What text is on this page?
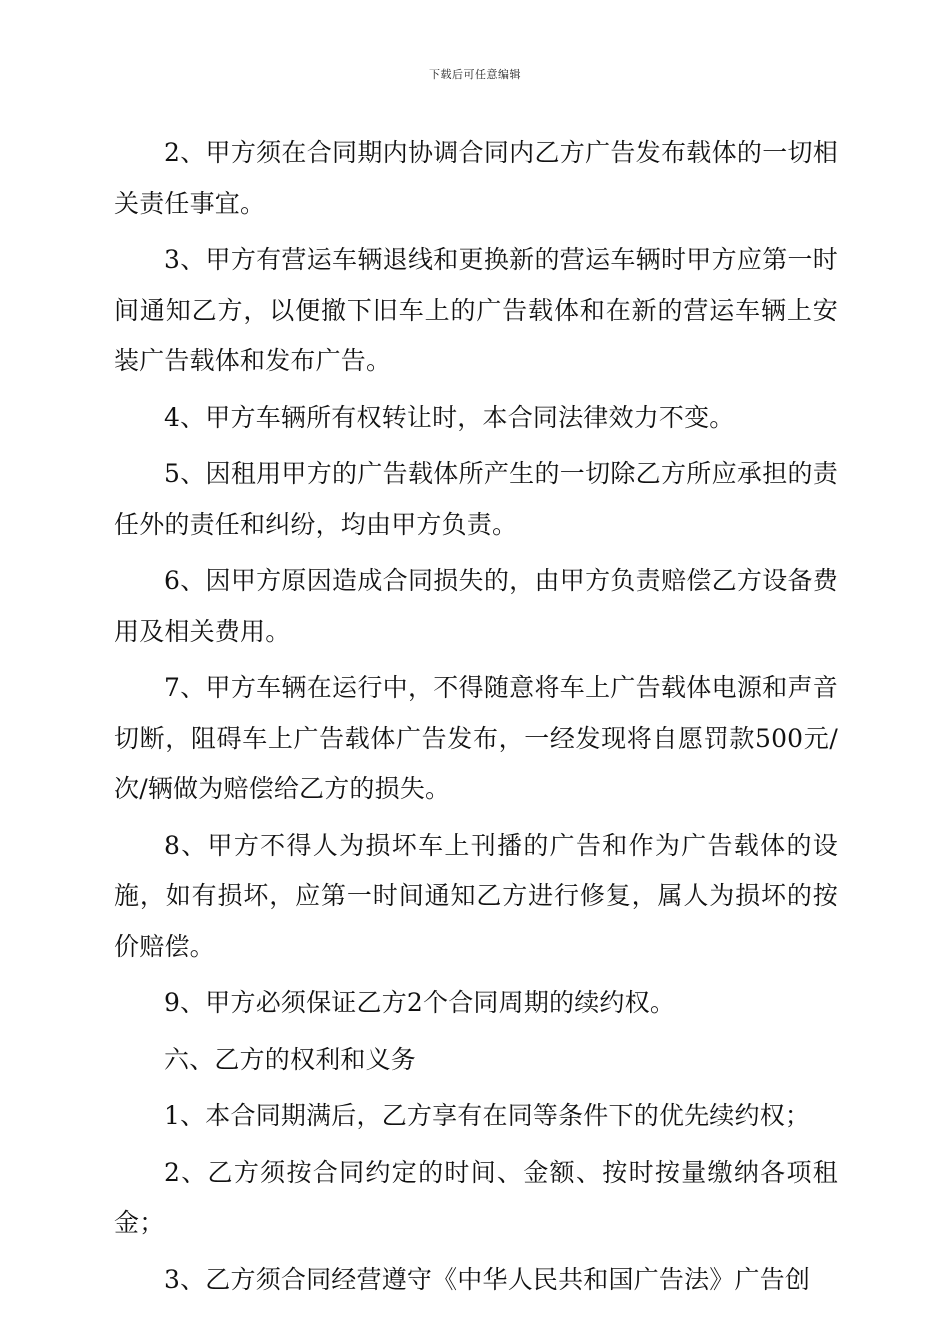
下载后可任意编辑

2、甲方须在合同期内协调合同内乙方广告发布载体的一切相关责任事宜。

3、甲方有营运车辆退线和更换新的营运车辆时甲方应第一时间通知乙方，以便撤下旧车上的广告载体和在新的营运车辆上安装广告载体和发布广告。

4、甲方车辆所有权转让时，本合同法律效力不变。

5、因租用甲方的广告载体所产生的一切除乙方所应承担的责任外的责任和纠纷，均由甲方负责。

6、因甲方原因造成合同损失的，由甲方负责赔偿乙方设备费用及相关费用。

7、甲方车辆在运行中，不得随意将车上广告载体电源和声音切断，阻碍车上广告载体广告发布，一经发现将自愿罚款500元/次/辆做为赔偿给乙方的损失。

8、甲方不得人为损坏车上刊播的广告和作为广告载体的设施，如有损坏，应第一时间通知乙方进行修复，属人为损坏的按价赔偿。

9、甲方必须保证乙方2个合同周期的续约权。

六、乙方的权利和义务

1、本合同期满后，乙方享有在同等条件下的优先续约权；

2、乙方须按合同约定的时间、金额、按时按量缴纳各项租金；

3、乙方须合同经营遵守《中华人民共和国广告法》广告创
